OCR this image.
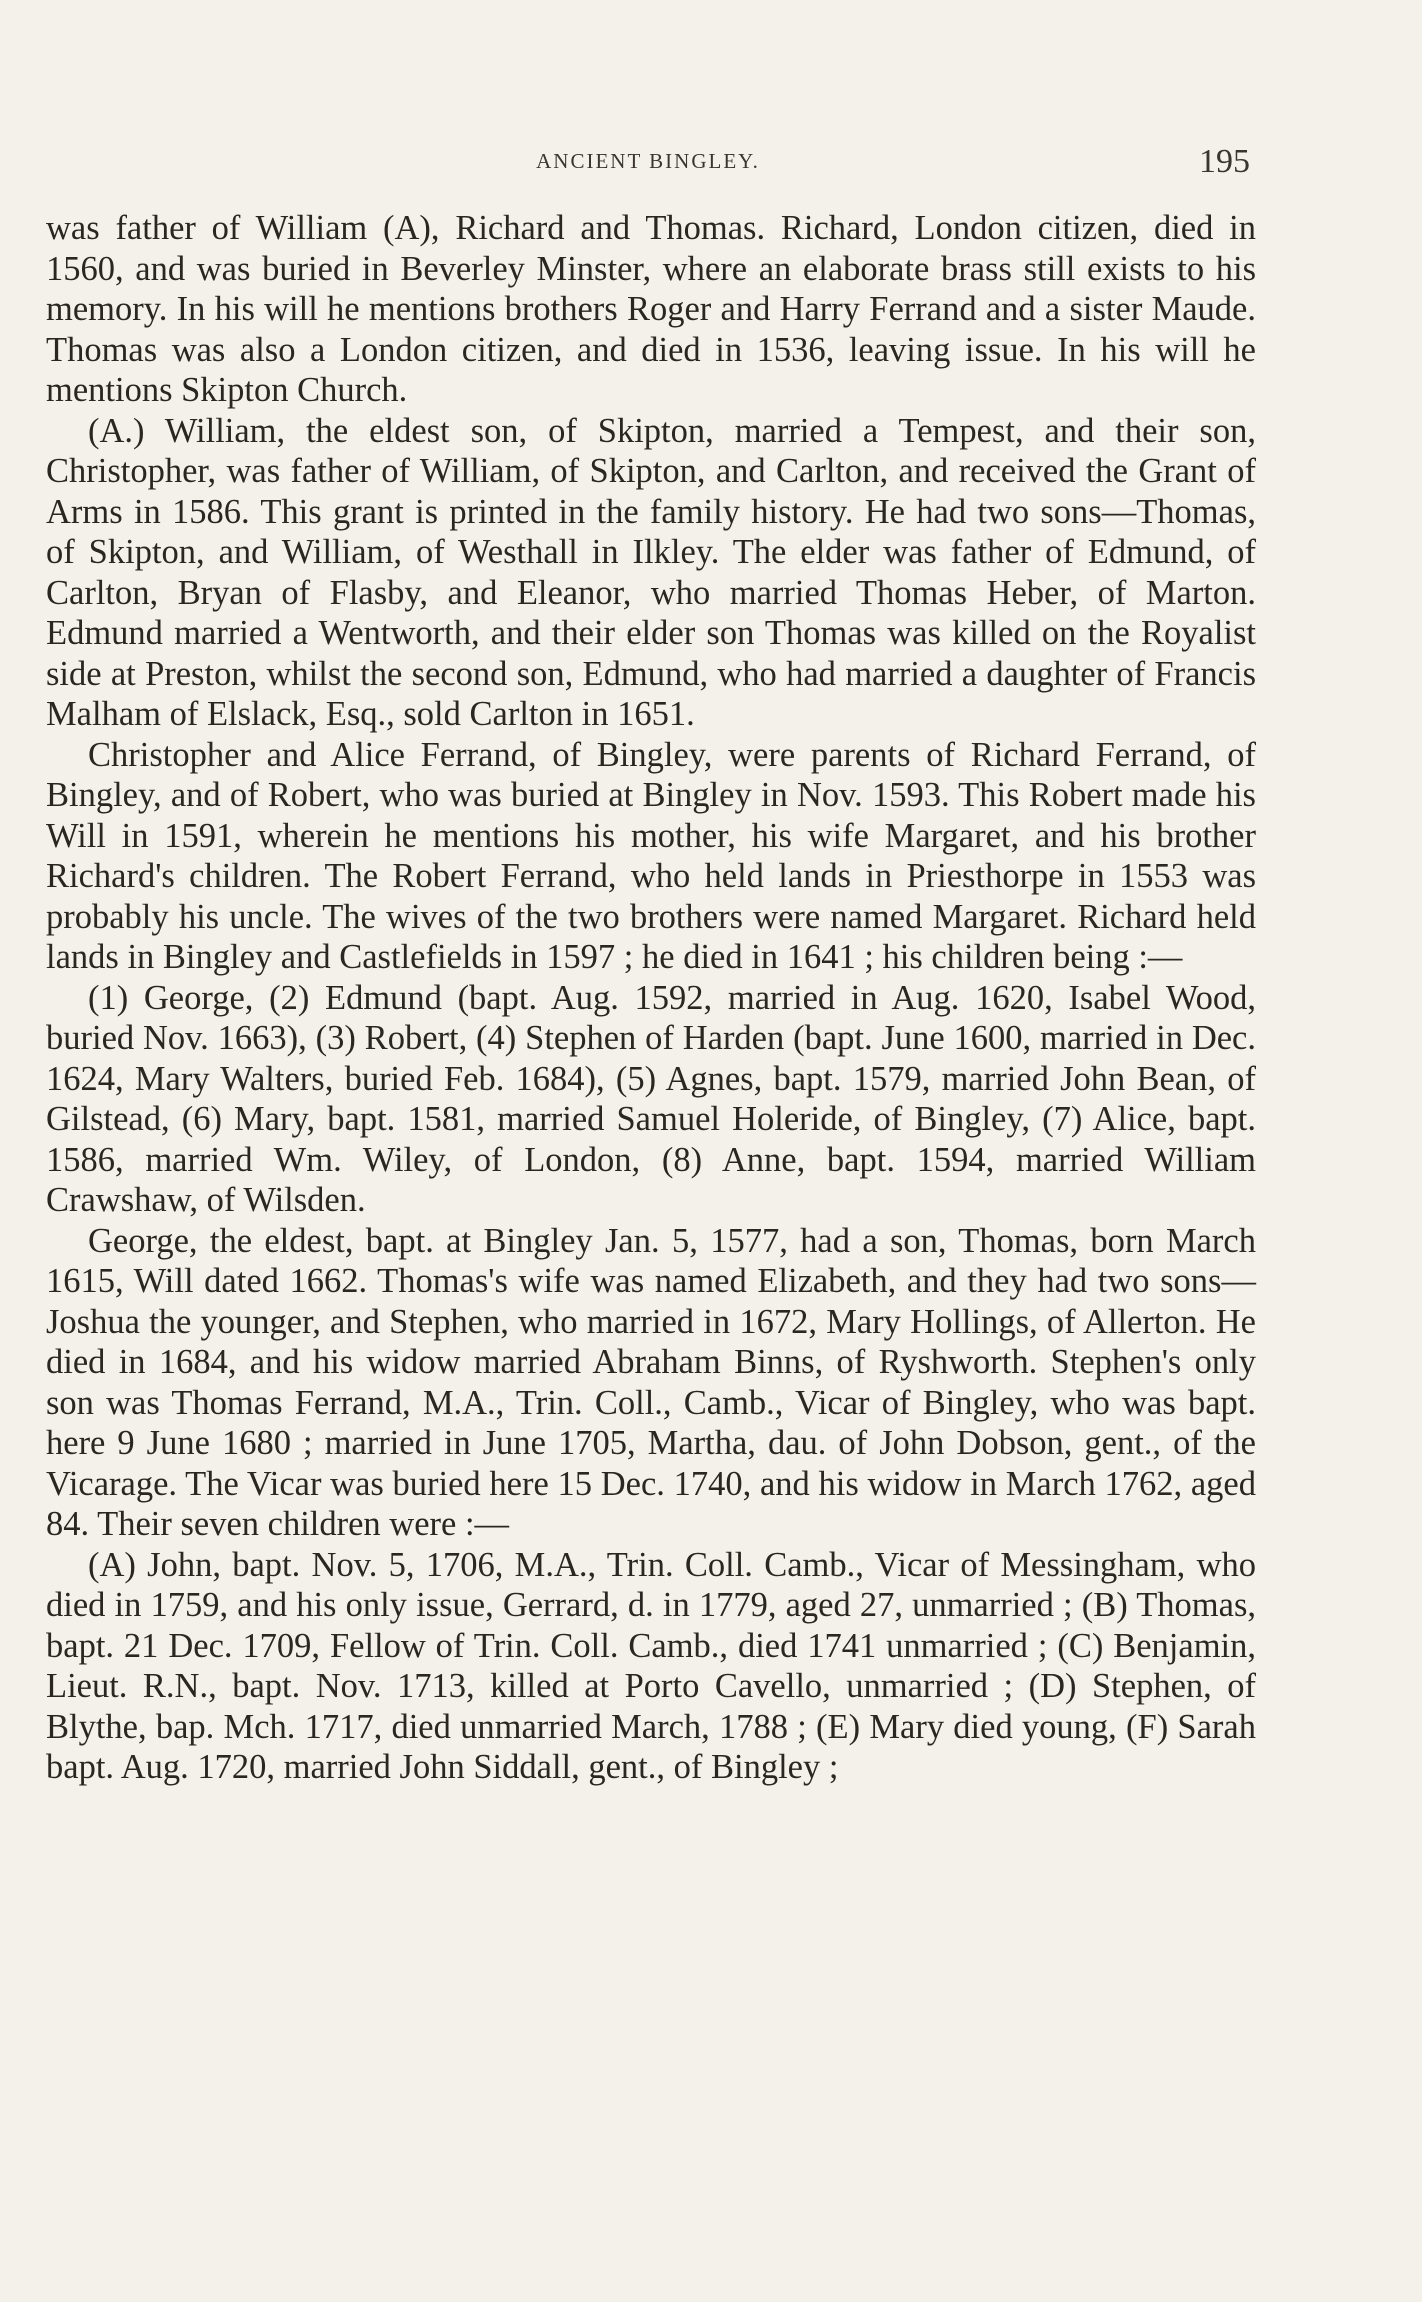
ANCIENT BINGLEY.	195

was father of William (A), Richard and Thomas. Richard, London citizen, died in 1560, and was buried in Beverley Minster, where an elaborate brass still exists to his memory. In his will he mentions brothers Roger and Harry Ferrand and a sister Maude. Thomas was also a London citizen, and died in 1536, leaving issue. In his will he mentions Skipton Church.

(A.) William, the eldest son, of Skipton, married a Tempest, and their son, Christopher, was father of William, of Skipton, and Carlton, and received the Grant of Arms in 1586. This grant is printed in the family history. He had two sons—Thomas, of Skipton, and William, of Westhall in Ilkley. The elder was father of Edmund, of Carlton, Bryan of Flasby, and Eleanor, who married Thomas Heber, of Marton. Edmund married a Wentworth, and their elder son Thomas was killed on the Royalist side at Preston, whilst the second son, Edmund, who had married a daughter of Francis Malham of Elslack, Esq., sold Carlton in 1651.

Christopher and Alice Ferrand, of Bingley, were parents of Richard Ferrand, of Bingley, and of Robert, who was buried at Bingley in Nov. 1593. This Robert made his Will in 1591, wherein he mentions his mother, his wife Margaret, and his brother Richard's children. The Robert Ferrand, who held lands in Priesthorpe in 1553 was probably his uncle. The wives of the two brothers were named Margaret. Richard held lands in Bingley and Castlefields in 1597 ; he died in 1641 ; his children being :—

(1) George, (2) Edmund (bapt. Aug. 1592, married in Aug. 1620, Isabel Wood, buried Nov. 1663), (3) Robert, (4) Stephen of Harden (bapt. June 1600, married in Dec. 1624, Mary Walters, buried Feb. 1684), (5) Agnes, bapt. 1579, married John Bean, of Gilstead, (6) Mary, bapt. 1581, married Samuel Holeride, of Bingley, (7) Alice, bapt. 1586, married Wm. Wiley, of London, (8) Anne, bapt. 1594, married William Crawshaw, of Wilsden.

George, the eldest, bapt. at Bingley Jan. 5, 1577, had a son, Thomas, born March 1615, Will dated 1662. Thomas's wife was named Elizabeth, and they had two sons—Joshua the younger, and Stephen, who married in 1672, Mary Hollings, of Allerton. He died in 1684, and his widow married Abraham Binns, of Ryshworth. Stephen's only son was Thomas Ferrand, M.A., Trin. Coll., Camb., Vicar of Bingley, who was bapt. here 9 June 1680 ; married in June 1705, Martha, dau. of John Dobson, gent., of the Vicarage. The Vicar was buried here 15 Dec. 1740, and his widow in March 1762, aged 84. Their seven children were :—

(A) John, bapt. Nov. 5, 1706, M.A., Trin. Coll. Camb., Vicar of Messingham, who died in 1759, and his only issue, Gerrard, d. in 1779, aged 27, unmarried ; (B) Thomas, bapt. 21 Dec. 1709, Fellow of Trin. Coll. Camb., died 1741 unmarried ; (C) Benjamin, Lieut. R.N., bapt. Nov. 1713, killed at Porto Cavello, unmarried ; (D) Stephen, of Blythe, bap. Mch. 1717, died unmarried March, 1788 ; (E) Mary died young, (F) Sarah bapt. Aug. 1720, married John Siddall, gent., of Bingley ;
